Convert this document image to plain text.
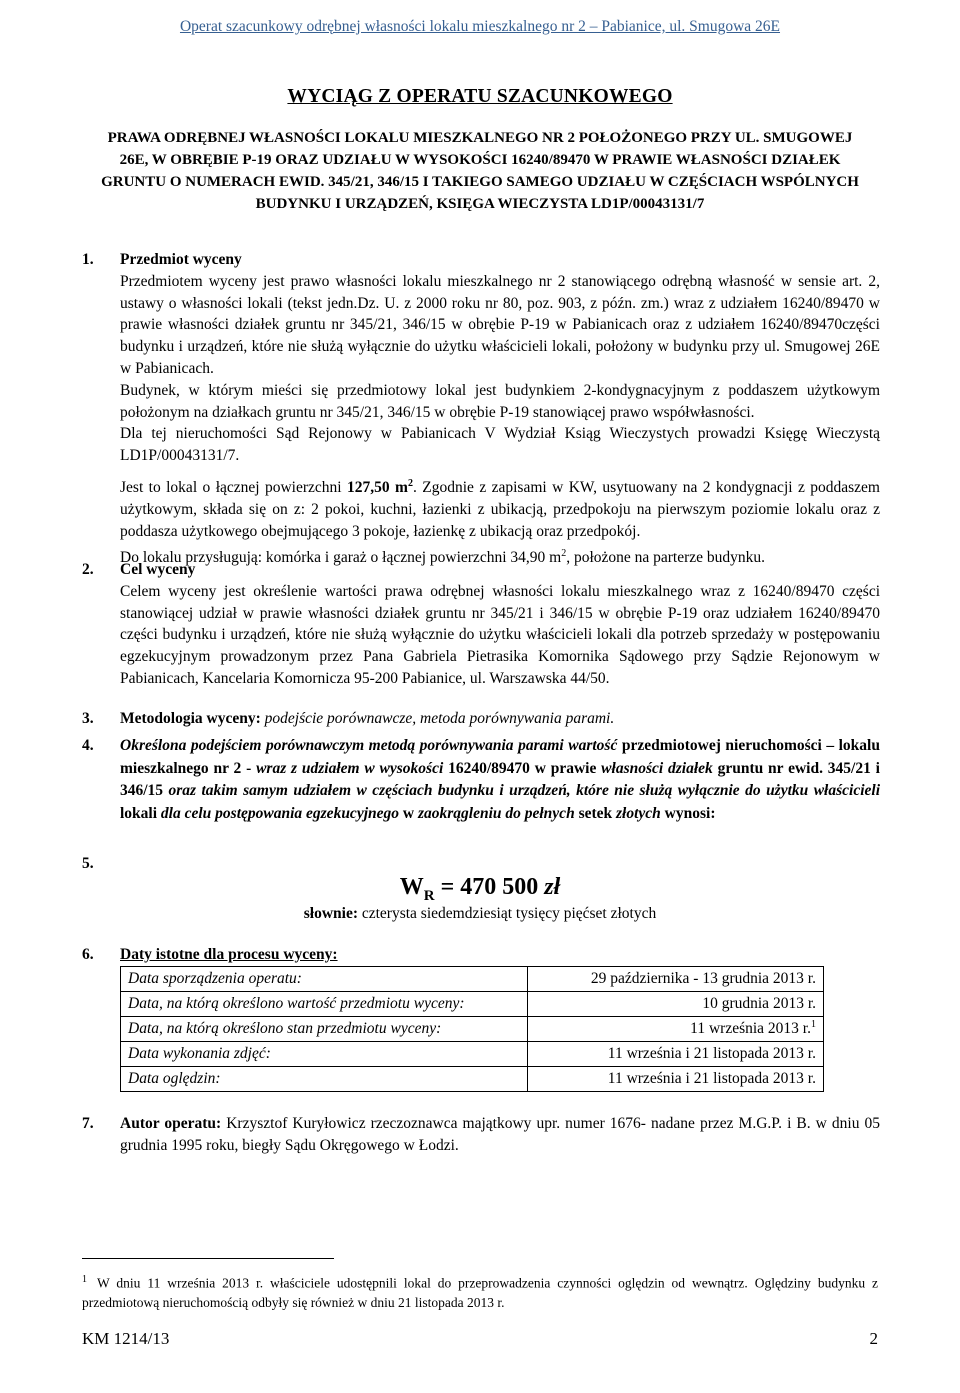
Operat szacunkowy odrębnej własności lokalu mieszkalnego nr 2 – Pabianice, ul. Smugowa 26E
WYCIĄG Z OPERATU SZACUNKOWEGO
PRAWA ODRĘBNEJ WŁASNOŚCI LOKALU MIESZKALNEGO NR 2 POŁOŻONEGO PRZY UL. SMUGOWEJ 26E, W OBRĘBIE P-19 ORAZ UDZIAŁU W WYSOKOŚCI 16240/89470 W PRAWIE WŁASNOŚCI DZIAŁEK GRUNTU O NUMERACH EWID. 345/21, 346/15 I TAKIEGO SAMEGO UDZIAŁU W CZĘŚCIACH WSPÓLNYCH BUDYNKU I URZĄDZEŃ, KSIĘGA WIECZYSTA LD1P/00043131/7
1. Przedmiot wyceny

Przedmiotem wyceny jest prawo własności lokalu mieszkalnego nr 2 stanowiącego odrębną własność w sensie art. 2, ustawy o własności lokali (tekst jedn.Dz. U. z 2000 roku nr 80, poz. 903, z późn. zm.) wraz z udziałem 16240/89470 w prawie własności działek gruntu nr 345/21, 346/15 w obrębie P-19 w Pabianicach oraz z udziałem 16240/89470części budynku i urządzeń, które nie służą wyłącznie do użytku właścicieli lokali, położony w budynku przy ul. Smugowej 26E w Pabianicach.

Budynek, w którym mieści się przedmiotowy lokal jest budynkiem 2-kondygnacyjnym z poddaszem użytkowym położonym na działkach gruntu nr 345/21, 346/15 w obrębie P-19 stanowiącej prawo współwłasności.

Dla tej nieruchomości Sąd Rejonowy w Pabianicach V Wydział Ksiąg Wieczystych prowadzi Księgę Wieczystą LD1P/00043131/7.

Jest to lokal o łącznej powierzchni 127,50 $m^2$. Zgodnie z zapisami w KW, usytuowany na 2 kondygnacji z poddaszem użytkowym, składa się on z: 2 pokoi, kuchni, łazienki z ubikacją, przedpokoju na pierwszym poziomie lokalu oraz z poddasza użytkowego obejmującego 3 pokoje, łazienkę z ubikacją oraz przedpokój.

Do lokalu przysługują: komórka i garaż o łącznej powierzchni 34,90 $m^2$, położone na parterze budynku.

2. Cel wyceny

Celem wyceny jest określenie wartości prawa odrębnej własności lokalu mieszkalnego wraz z 16240/89470 części stanowiącej udział w prawie własności działek gruntu nr 345/21 i 346/15 w obrębie P-19 oraz udziałem 16240/89470 części budynku i urządzeń, które nie służą wyłącznie do użytku właścicieli lokali dla potrzeb sprzedaży w postępowaniu egzekucyjnym prowadzonym przez Pana Gabriela Pietrasika Komornika Sądowego przy Sądzie Rejonowym w Pabianicach, Kancelaria Komornicza 95-200 Pabianice, ul. Warszawska 44/50.

3. Metodologia wyceny: podejście porównawcze, metoda porównywania parami.

4. Określona podejściem porównawczym metodą porównywania parami wartość przedmiotowej nieruchomości – lokalu mieszkalnego nr 2 - wraz z udziałem w wysokości 16240/89470 w prawie własności działek gruntu nr ewid. 345/21 i 346/15 oraz takim samym udziałem w częściach budynku i urządzeń, które nie służą wyłącznie do użytku właścicieli lokali dla celu postępowania egzekucyjnego w zaokrągleniu do pełnych setek złotych wynosi:

5.
$W_R = 470$ 500 zł
słownie: czterysta siedemdziesiąt tysięcy pięćset złotych
6. Daty istotne dla procesu wyceny:

Data sporządzenia operatu:	29 października - 13 grudnia 2013 r.
Data, na którą określono wartość przedmiotu wyceny:	10 grudnia 2013 r.
Data, na którą określono stan przedmiotu wyceny:	11 września 2013 r.$^1$
Data wykonania zdjęć:	11 września i 21 listopada 2013 r.
Data oględzin:	11 września i 21 listopada 2013 r.
7. Autor operatu: Krzysztof Kuryłowicz rzeczoznawca majątkowy upr. numer 1676- nadane przez M.G.P. i B. w dniu 05 grudnia 1995 roku, biegły Sądu Okręgowego w Łodzi.

$^1$ W dniu 11 września 2013 r. właściciele udostępnili lokal do przeprowadzenia czynności oględzin od wewnątrz. Oględziny budynku z przedmiotową nieruchomością odbyły się również w dniu 21 listopada 2013 r.
KM 1214/13	2
